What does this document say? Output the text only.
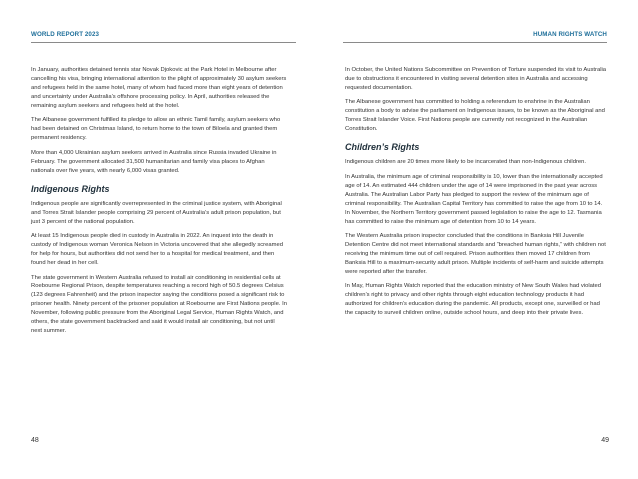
WORLD REPORT 2023

In January, authorities detained tennis star Novak Djokovic at the Park Hotel in Melbourne after cancelling his visa, bringing international attention to the plight of approximately 30 asylum seekers and refugees held in the same hotel, many of whom had faced more than eight years of detention and uncertainty under Australia’s offshore processing policy. In April, authorities released the remaining asylum seekers and refugees held at the hotel.

The Albanese government fulfilled its pledge to allow an ethnic Tamil family, asylum seekers who had been detained on Christmas Island, to return home to the town of Biloela and granted them permanent residency.

More than 4,000 Ukrainian asylum seekers arrived in Australia since Russia invaded Ukraine in February. The government allocated 31,500 humanitarian and family visa places to Afghan nationals over five years, with nearly 6,000 visas granted.

Indigenous Rights

Indigenous people are significantly overrepresented in the criminal justice system, with Aboriginal and Torres Strait Islander people comprising 29 percent of Australia’s adult prison population, but just 3 percent of the national population.

At least 15 Indigenous people died in custody in Australia in 2022. An inquest into the death in custody of Indigenous woman Veronica Nelson in Victoria uncovered that she allegedly screamed for help for hours, but authorities did not send her to a hospital for medical treatment, and then found her dead in her cell.

The state government in Western Australia refused to install air conditioning in residential cells at Roebourne Regional Prison, despite temperatures reaching a record high of 50.5 degrees Celsius (123 degrees Fahrenheit) and the prison inspector saying the conditions posed a significant risk to prisoner health. Ninety percent of the prisoner population at Roebourne are First Nations people. In November, following public pressure from the Aboriginal Legal Service, Human Rights Watch, and others, the state government backtracked and said it would install air conditioning, but not until next summer.

48
HUMAN RIGHTS WATCH

In October, the United Nations Subcommittee on Prevention of Torture suspended its visit to Australia due to obstructions it encountered in visiting several detention sites in Australia and accessing requested documentation.

The Albanese government has committed to holding a referendum to enshrine in the Australian constitution a body to advise the parliament on Indigenous issues, to be known as the Aboriginal and Torres Strait Islander Voice. First Nations people are currently not recognized in the Australian Constitution.

Children’s Rights

Indigenous children are 20 times more likely to be incarcerated than non-Indigenous children.

In Australia, the minimum age of criminal responsibility is 10, lower than the internationally accepted age of 14. An estimated 444 children under the age of 14 were imprisoned in the past year across Australia. The Australian Labor Party has pledged to support the review of the minimum age of criminal responsibility. The Australian Capital Territory has committed to raise the age from 10 to 14. In November, the Northern Territory government passed legislation to raise the age to 12. Tasmania has committed to raise the minimum age of detention from 10 to 14 years.

The Western Australia prison inspector concluded that the conditions in Banksia Hill Juvenile Detention Centre did not meet international standards and “breached human rights,” with children not receiving the minimum time out of cell required. Prison authorities then moved 17 children from Banksia Hill to a maximum-security adult prison. Multiple incidents of self-harm and suicide attempts were reported after the transfer.

In May, Human Rights Watch reported that the education ministry of New South Wales had violated children’s right to privacy and other rights through eight education technology products it had authorized for children’s education during the pandemic. All products, except one, surveilled or had the capacity to surveil children online, outside school hours, and deep into their private lives.

49
